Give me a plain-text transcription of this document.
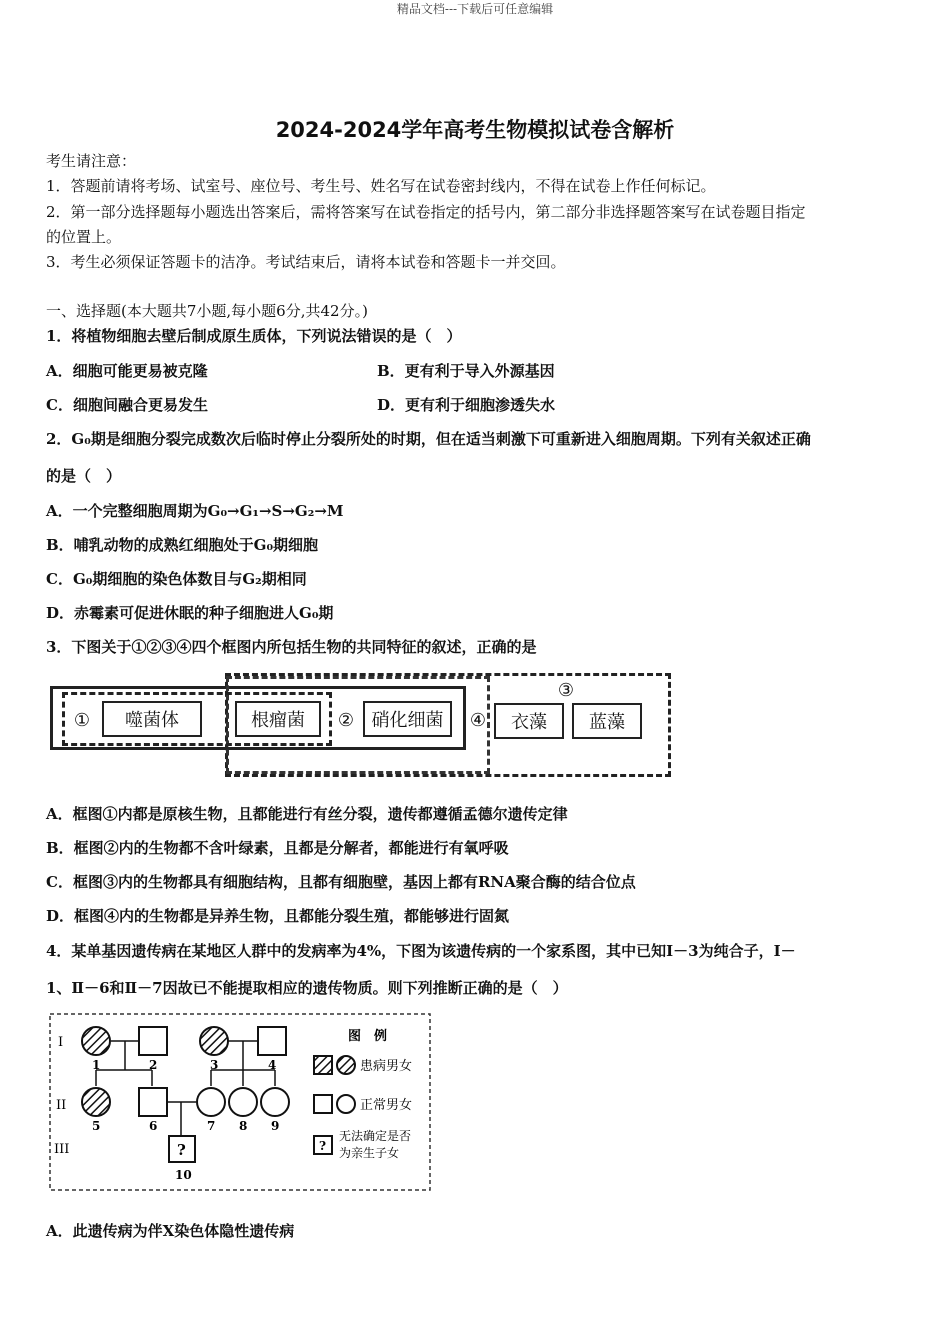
精品文档---下载后可任意编辑
2024-2024学年高考生物模拟试卷含解析
考生请注意：
1．答题前请将考场、试室号、座位号、考生号、姓名写在试卷密封线内，不得在试卷上作任何标记。
2．第一部分选择题每小题选出答案后，需将答案写在试卷指定的括号内，第二部分非选择题答案写在试卷题目指定
的位置上。
3．考生必须保证答题卡的洁净。考试结束后，请将本试卷和答题卡一并交回。
一、选择题(本大题共7小题,每小题6分,共42分。)
1．将植物细胞去壁后制成原生质体，下列说法错误的是（　）
A．细胞可能更易被克隆	B．更有利于导入外源基因
C．细胞间融合更易发生	D．更有利于细胞渗透失水
2．G₀期是细胞分裂完成数次后临时停止分裂所处的时期，但在适当刺激下可重新进入细胞周期。下列有关叙述正确
的是（　）
A．一个完整细胞周期为G₀→G₁→S→G₂→M
B．哺乳动物的成熟红细胞处于G₀期细胞
C．G₀期细胞的染色体数目与G₂期相同
D．赤霉素可促进休眠的种子细胞进人G₀期
3．下图关于①②③④四个框图内所包括生物的共同特征的叙述，正确的是
①	噬菌体	根瘤菌	② 硝化细菌	④
③
衣藻	蓝藻
A．框图①内都是原核生物，且都能进行有丝分裂，遗传都遵循孟德尔遗传定律
B．框图②内的生物都不含叶绿素，且都是分解者，都能进行有氧呼吸
C．框图③内的生物都具有细胞结构，且都有细胞壁，基因上都有RNA聚合酶的结合位点
D．框图④内的生物都是异养生物，且都能分裂生殖，都能够进行固氮
4．某单基因遗传病在某地区人群中的发病率为4%，下图为该遗传病的一个家系图，其中已知Ⅰ－3为纯合子，Ⅰ－
1、Ⅱ－6和Ⅱ－7因故已不能提取相应的遗传物质。则下列推断正确的是（　）
I
II
III	?
1	2	3	4
5	6	7 8 9
10
图　例
患病男女
正常男女
?
无法确定是否
为亲生子女
A．此遗传病为伴X染色体隐性遗传病
